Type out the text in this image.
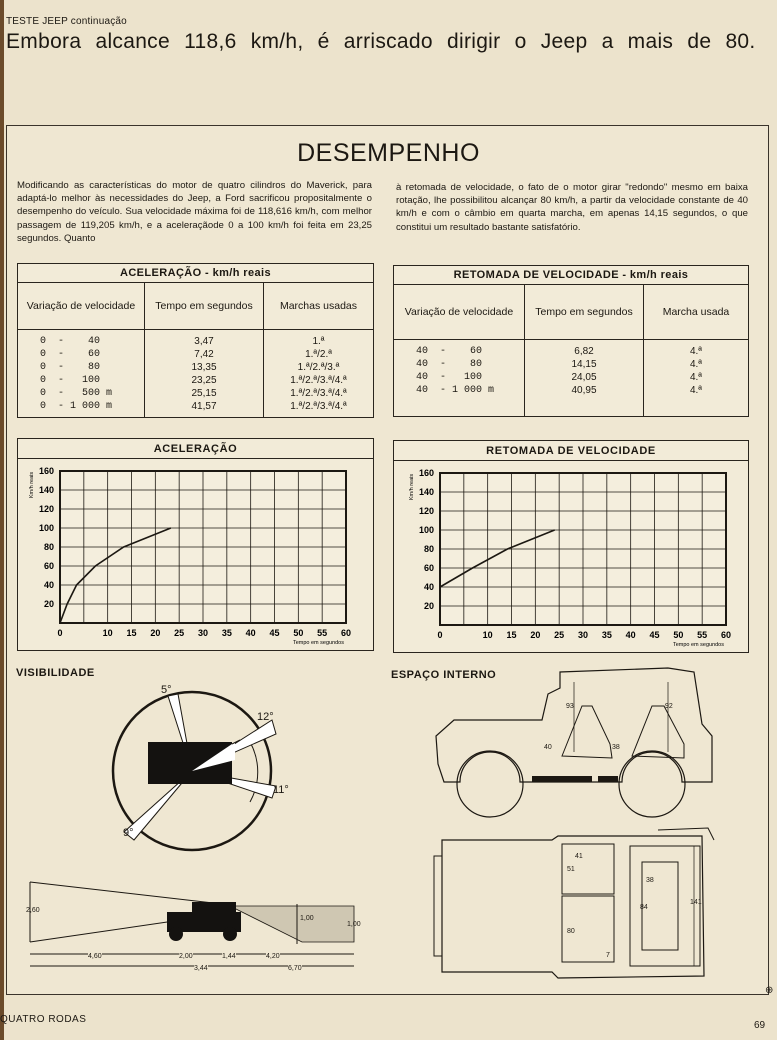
TESTE JEEP continuação
Embora alcance 118,6 km/h, é arriscado dirigir o Jeep a mais de 80.
DESEMPENHO
Modificando as características do motor de quatro cilindros do Maverick, para adaptá-lo melhor às necessidades do Jeep, a Ford sacrificou propositalmente o desempenho do veículo. Sua velocidade máxima foi de 118,616 km/h, com melhor passagem de 119,205 km/h, e a aceleraçãode 0 a 100 km/h foi feita em 23,25 segundos. Quanto
à retomada de velocidade, o fato de o motor girar "redondo" mesmo em baixa rotação, lhe possibilitou alcançar 80 km/h, a partir da velocidade constante de 40 km/h e com o câmbio em quarta marcha, em apenas 14,15 segundos, o que constitui um resultado bastante satisfatório.
ACELERAÇÃO - km/h reais		
Variação de velocidade	Tempo em segundos	Marchas usadas
0  -    40	3,47	1.ª
0  -    60	7,42	1.ª/2.ª
0  -    80	13,35	1.ª/2.ª/3.ª
0  -   100	23,25	1.ª/2.ª/3.ª/4.ª
0  -   500 m	25,15	1.ª/2.ª/3.ª/4.ª
0  - 1 000 m	41,57	1.ª/2.ª/3.ª/4.ª
RETOMADA DE VELOCIDADE - km/h reais		
Variação de velocidade	Tempo em segundos	Marcha usada
40  -    60	6,82	4.ª
40  -    80	14,15	4.ª
40  -   100	24,05	4.ª
40  - 1 000 m	40,95	4.ª
ACELERAÇÃO
0	10 15 20 25 30 35 40 45 50 55 60
20
40
60
80
100
120
140
160
Tempo em segundos
Km/h reais
RETOMADA DE VELOCIDADE
0	10 15 20 25 30 35 40 45 50 55 60
20
40
60
80
100
120
140
160
Tempo em segundos
Km/h reais
VISIBILIDADE
5°
12°
11°
9°
2,60
1,00
1,00
4,60	2,00	1,44	4,20
3,44	6,70
ESPAÇO INTERNO
93	92
40	38
41
51
80
84
38
141
7
⊕
QUATRO RODAS
69
